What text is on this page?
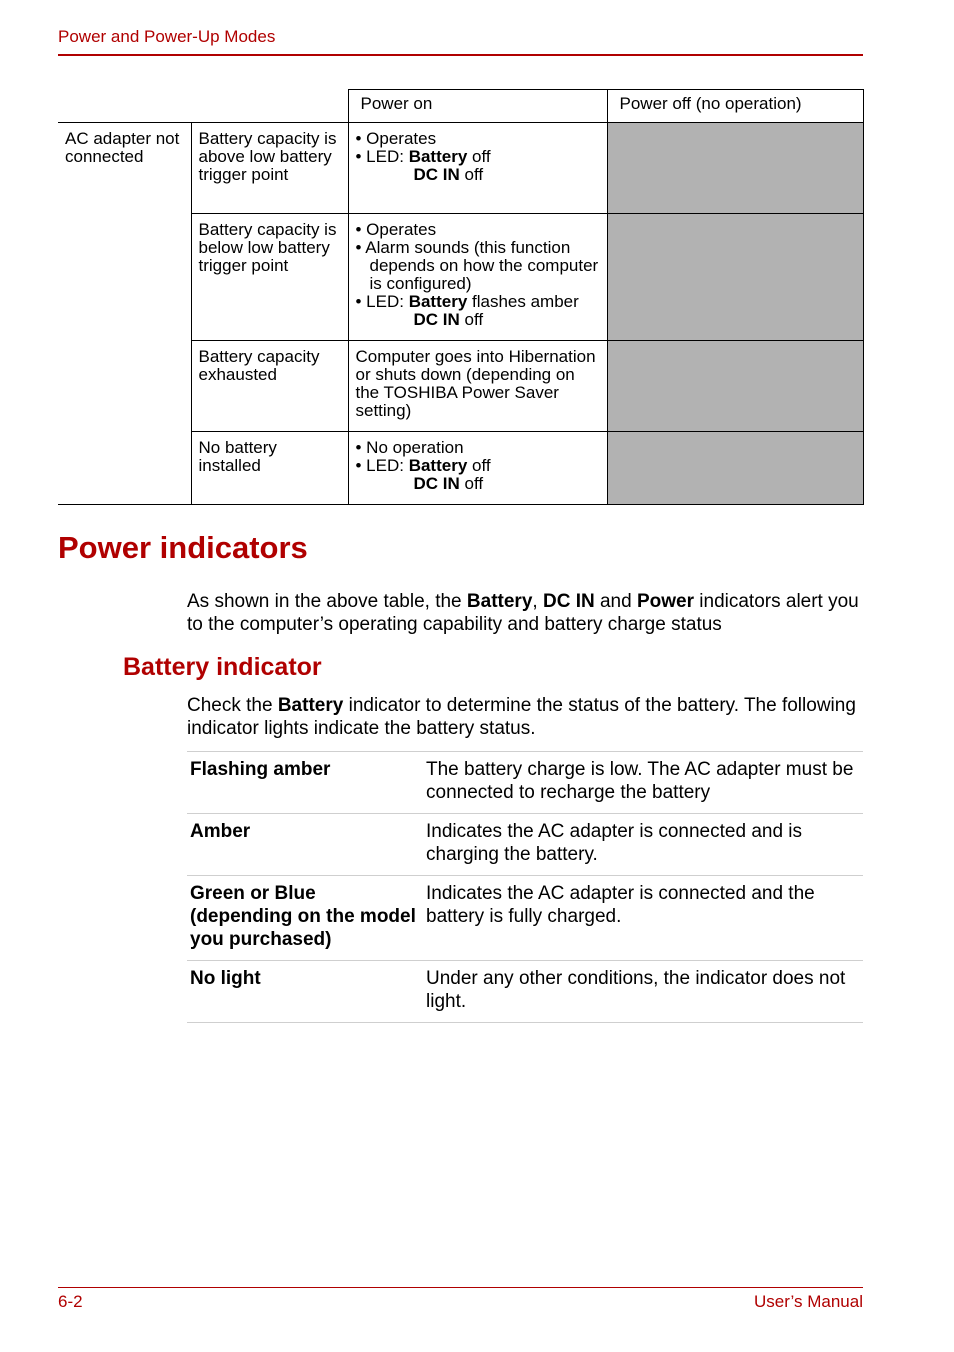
Power and Power-Up Modes
		Power on	Power off (no operation)
AC adapter not connected	Battery capacity is above low battery trigger point	• Operates
• LED: Battery off
DC IN off	

	Battery capacity is below low battery trigger point	• Operates
• Alarm sounds (this function depends on how the computer is configured)
• LED: Battery flashes amber
DC IN off	

	Battery capacity exhausted	Computer goes into Hibernation or shuts down (depending on the TOSHIBA Power Saver setting)	
	No battery installed	• No operation
• LED: Battery off
DC IN off	

Power indicators

As shown in the above table, the Battery, DC IN and Power indicators alert you to the computer’s operating capability and battery charge status

Battery indicator

Check the Battery indicator to determine the status of the battery. The following indicator lights indicate the battery status.

Flashing amber	The battery charge is low. The AC adapter must be connected to recharge the battery
Amber	Indicates the AC adapter is connected and is charging the battery.
Green or Blue (depending on the model you purchased)	Indicates the AC adapter is connected and the battery is fully charged.
No light	Under any other conditions, the indicator does not light.
6-2	User’s Manual
